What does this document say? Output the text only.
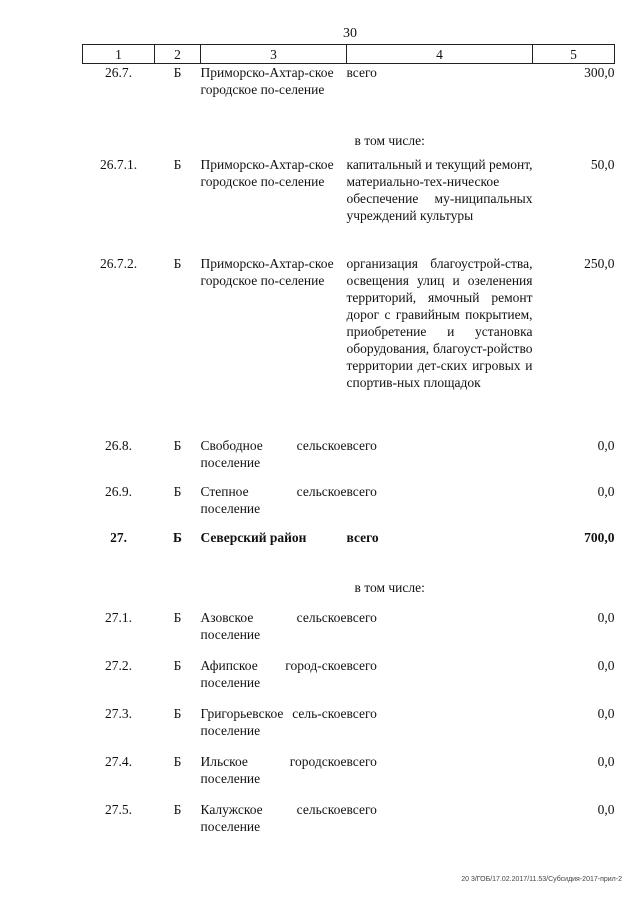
30
1	2	3	4	5
26.7.	Б	Приморско-Ахтар-ское городское по-селение	всего	300,0
			в том числе:	
26.7.1.	Б	Приморско-Ахтар-ское городское по-селение	капитальный и текущий ремонт, материально-тех-ническое обеспечение му-ниципальных учреждений культуры	50,0
26.7.2.	Б	Приморско-Ахтар-ское городское по-селение	организация благоустрой-ства, освещения улиц и озеленения территорий, ямочный ремонт дорог с гравийным покрытием, приобретение и установка оборудования, благоуст-ройство территории дет-ских игровых и спортив-ных площадок	250,0
26.8.	Б	Свободное сельское поселение	всего	0,0
26.9.	Б	Степное сельское поселение	всего	0,0
27.	Б	Северский район	всего	700,0
			в том числе:	
27.1.	Б	Азовское сельское поселение	всего	0,0
27.2.	Б	Афипское город-ское поселение	всего	0,0
27.3.	Б	Григорьевское сель-ское поселение	всего	0,0
27.4.	Б	Ильское городское поселение	всего	0,0
27.5.	Б	Калужское сельское поселение	всего	0,0
20 3/ГОБ/17.02.2017/11.53/Субсидия-2017-прил-2
